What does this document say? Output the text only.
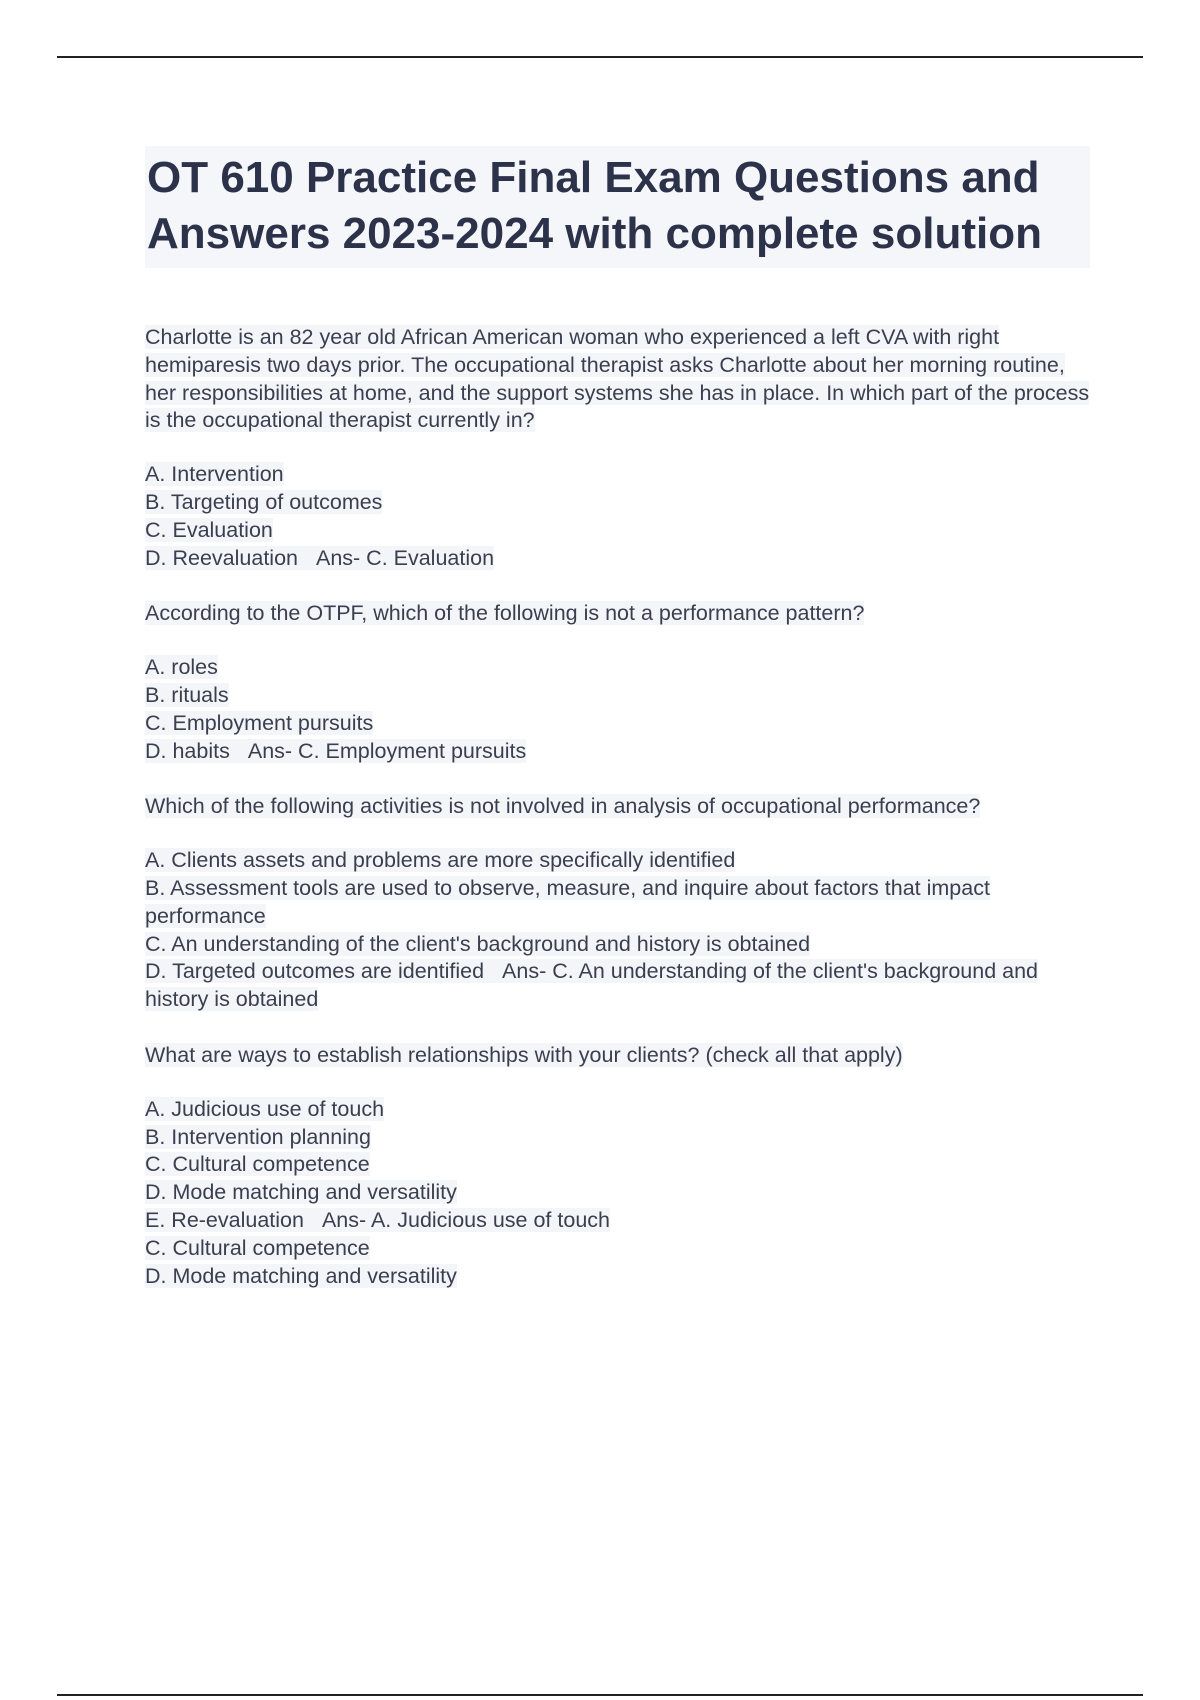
OT 610 Practice Final Exam Questions and Answers 2023-2024 with complete solution

Charlotte is an 82 year old African American woman who experienced a left CVA with right hemiparesis two days prior. The occupational therapist asks Charlotte about her morning routine, her responsibilities at home, and the support systems she has in place. In which part of the process is the occupational therapist currently in?

A. Intervention
B. Targeting of outcomes
C. Evaluation
D. Reevaluation Ans- C. Evaluation

According to the OTPF, which of the following is not a performance pattern?

A. roles
B. rituals
C. Employment pursuits
D. habits Ans- C. Employment pursuits

Which of the following activities is not involved in analysis of occupational performance?

A. Clients assets and problems are more specifically identified
B. Assessment tools are used to observe, measure, and inquire about factors that impact performance
C. An understanding of the client's background and history is obtained
D. Targeted outcomes are identified Ans- C. An understanding of the client's background and history is obtained

What are ways to establish relationships with your clients? (check all that apply)

A. Judicious use of touch
B. Intervention planning
C. Cultural competence
D. Mode matching and versatility
E. Re-evaluation Ans- A. Judicious use of touch
C. Cultural competence
D. Mode matching and versatility
